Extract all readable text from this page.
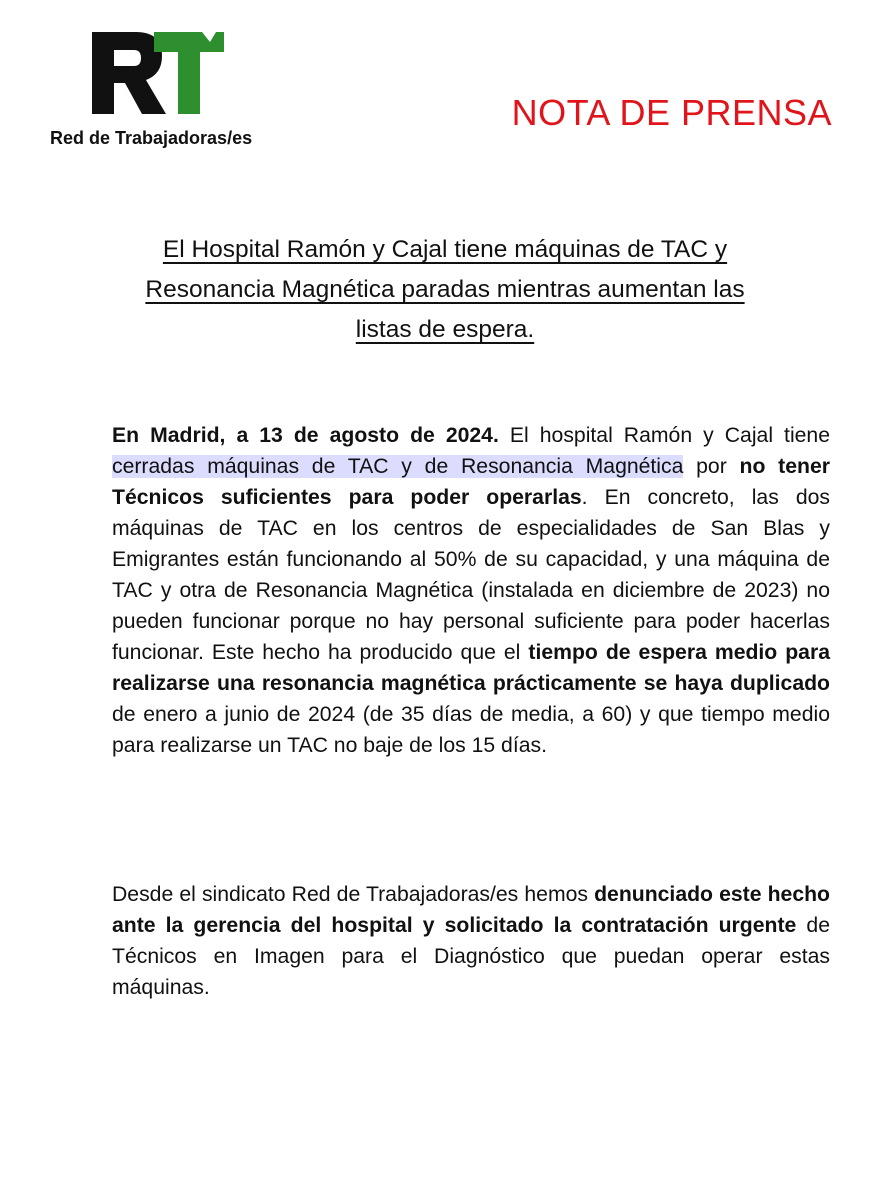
Red de Trabajadoras/es
NOTA DE PRENSA
El Hospital Ramón y Cajal tiene máquinas de TAC y
Resonancia Magnética paradas mientras aumentan las
listas de espera.
En Madrid, a 13 de agosto de 2024. El hospital Ramón y Cajal tiene cerradas máquinas de TAC y de Resonancia Magnética por no tener Técnicos suficientes para poder operarlas. En concreto, las dos máquinas de TAC en los centros de especialidades de San Blas y Emigrantes están funcionando al 50% de su capacidad, y una máquina de TAC y otra de Resonancia Magnética (instalada en diciembre de 2023) no pueden funcionar porque no hay personal suficiente para poder hacerlas funcionar. Este hecho ha producido que el tiempo de espera medio para realizarse una resonancia magnética prácticamente se haya duplicado de enero a junio de 2024 (de 35 días de media, a 60) y que tiempo medio para realizarse un TAC no baje de los 15 días.
Desde el sindicato Red de Trabajadoras/es hemos denunciado este hecho ante la gerencia del hospital y solicitado la contratación urgente de Técnicos en Imagen para el Diagnóstico que puedan operar estas máquinas.
